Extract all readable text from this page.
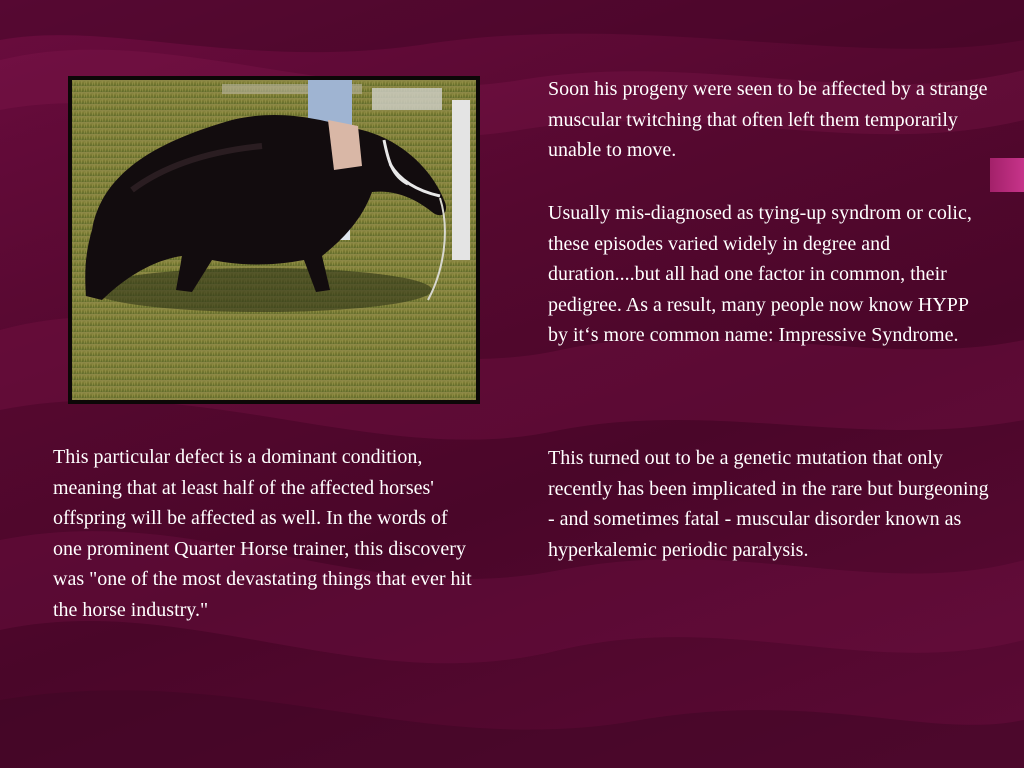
This particular defect is a dominant condition, meaning that at least half of the affected horses' offspring will be affected as well. In the words of one prominent Quarter Horse trainer, this discovery was "one of the most devastating things that ever hit the horse industry."

Soon his progeny were seen to be affected by a strange muscular twitching that often left them temporarily unable to move.

Usually mis-diagnosed as tying-up syndrom or colic, these episodes varied widely in degree and duration....but all had one factor in common, their pedigree. As a result, many people now know HYPP by it‘s more common name: Impressive Syndrome.

This turned out to be a genetic mutation that only recently has been implicated in the rare but burgeoning - and sometimes fatal - muscular disorder known as hyperkalemic periodic paralysis.
